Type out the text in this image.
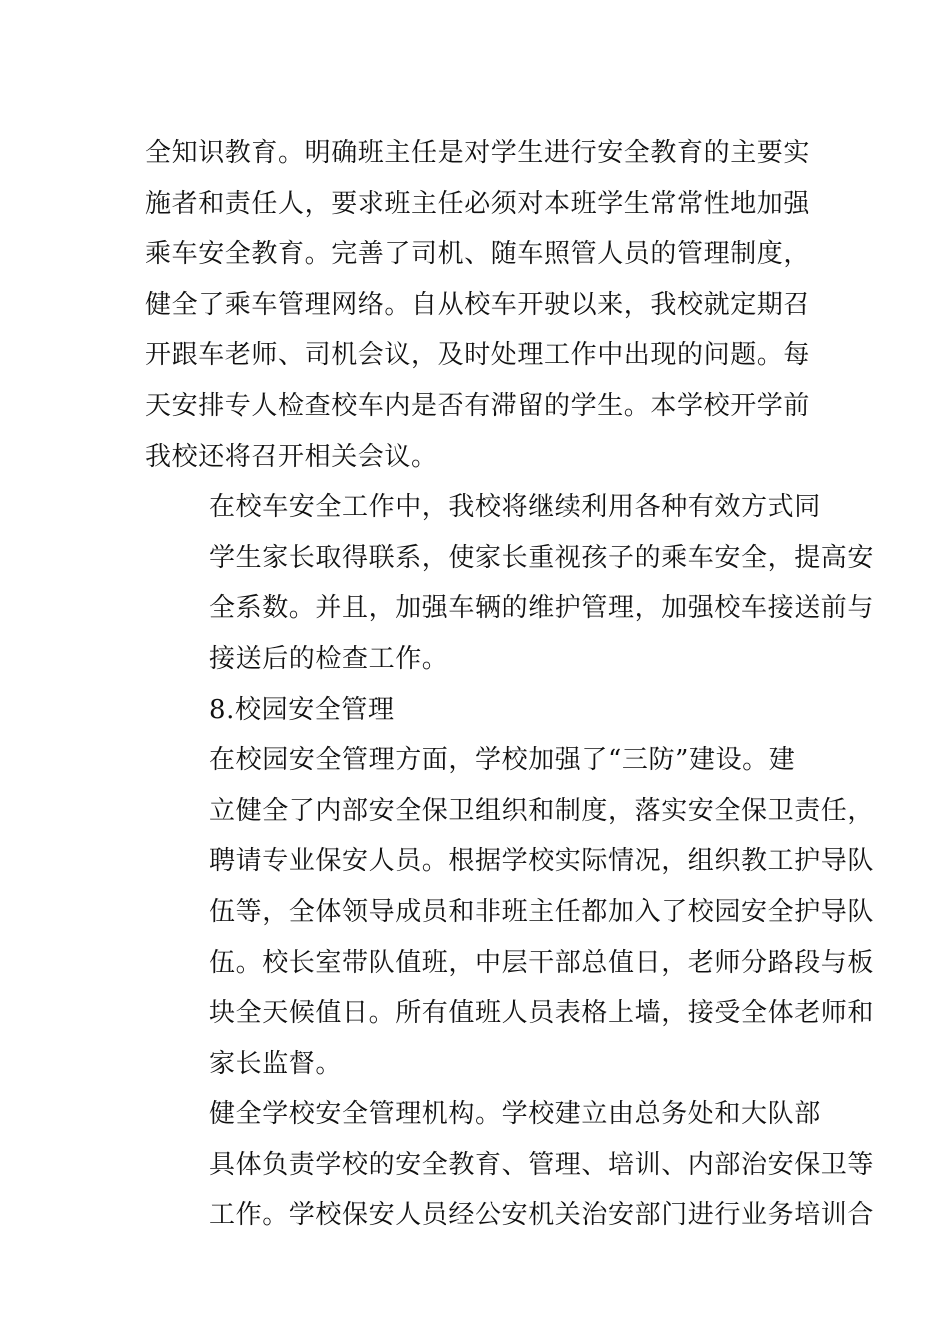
全知识教育。明确班主任是对学生进行安全教育的主要实
施者和责任人，要求班主任必须对本班学生常常性地加强
乘车安全教育。完善了司机、随车照管人员的管理制度，
健全了乘车管理网络。自从校车开驶以来，我校就定期召
开跟车老师、司机会议，及时处理工作中出现的问题。每
天安排专人检查校车内是否有滞留的学生。本学校开学前
我校还将召开相关会议。

在校车安全工作中，我校将继续利用各种有效方式同
学生家长取得联系，使家长重视孩子的乘车安全，提高安
全系数。并且，加强车辆的维护管理，加强校车接送前与
接送后的检查工作。

8.校园安全管理

在校园安全管理方面，学校加强了“三防”建设。建
立健全了内部安全保卫组织和制度，落实安全保卫责任，
聘请专业保安人员。根据学校实际情况，组织教工护导队
伍等，全体领导成员和非班主任都加入了校园安全护导队
伍。校长室带队值班，中层干部总值日，老师分路段与板
块全天候值日。所有值班人员表格上墙，接受全体老师和
家长监督。

健全学校安全管理机构。学校建立由总务处和大队部
具体负责学校的安全教育、管理、培训、内部治安保卫等
工作。学校保安人员经公安机关治安部门进行业务培训合
